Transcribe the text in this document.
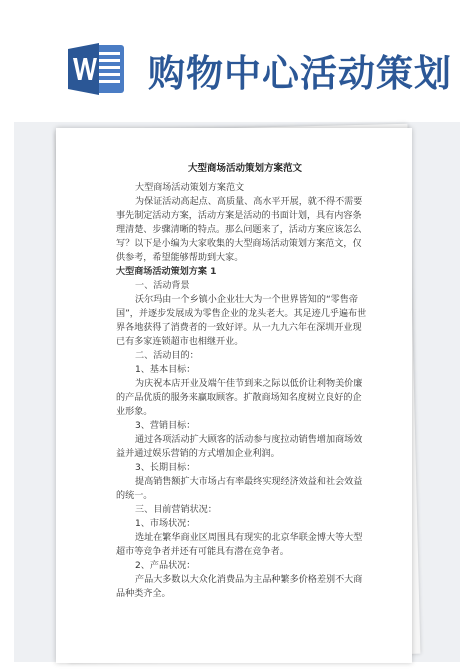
购物中心活动策划

大型商场活动策划方案范文

大型商场活动策划方案范文

为保证活动高起点、高质量、高水平开展，就不得不需要事先制定活动方案，活动方案是活动的书面计划，具有内容条理清楚、步骤清晰的特点。那么问题来了，活动方案应该怎么写？以下是小编为大家收集的大型商场活动策划方案范文，仅供参考，希望能够帮助到大家。

大型商场活动策划方案 1

一、活动背景

沃尔玛由一个乡镇小企业壮大为一个世界皆知的“零售帝国”，并逐步发展成为零售企业的龙头老大。其足迹几乎遍布世界各地获得了消费者的一致好评。从一九九六年在深圳开业现已有多家连锁超市也相继开业。

二、活动目的：

1、基本目标：

为庆祝本店开业及端午佳节到来之际以低价让利物美价廉的产品优质的服务来赢取顾客。扩散商场知名度树立良好的企业形象。

3、营销目标：

通过各项活动扩大顾客的活动参与度拉动销售增加商场效益并通过娱乐营销的方式增加企业利润。

3、长期目标：

提高销售额扩大市场占有率最终实现经济效益和社会效益的统一。

三、目前营销状况：

1、市场状况：

选址在繁华商业区周围具有现实的北京华联金博大等大型超市等竞争者并还有可能具有潜在竞争者。

2、产品状况：

产品大多数以大众化消费品为主品种繁多价格差别不大商品种类齐全。
